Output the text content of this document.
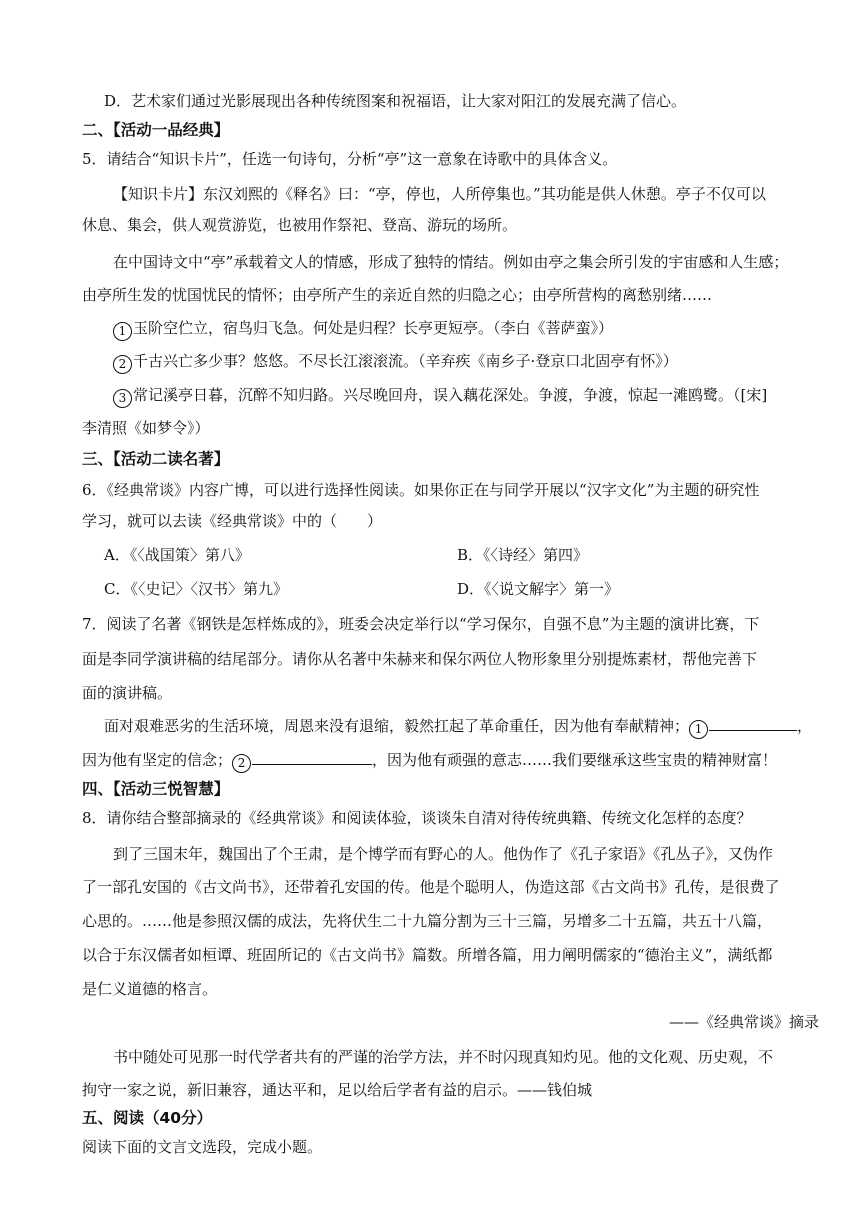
D．艺术家们通过光影展现出各种传统图案和祝福语，让大家对阳江的发展充满了信心。
二、【活动一品经典】
5．请结合“知识卡片”，任选一句诗句，分析“亭”这一意象在诗歌中的具体含义。
【知识卡片】东汉刘熙的《释名》曰：“亭，停也，人所停集也。”其功能是供人休憩。亭子不仅可以
休息、集会，供人观赏游览，也被用作祭祀、登高、游玩的场所。
在中国诗文中“亭”承载着文人的情感，形成了独特的情结。例如由亭之集会所引发的宇宙感和人生感；
由亭所生发的忧国忧民的情怀；由亭所产生的亲近自然的归隐之心；由亭所营构的离愁别绪……
1 玉阶空伫立，宿鸟归飞急。何处是归程？长亭更短亭。（李白《菩萨蛮》）
2 千古兴亡多少事？悠悠。不尽长江滚滚流。（辛弃疾《南乡子·登京口北固亭有怀》）
3 常记溪亭日暮，沉醉不知归路。兴尽晚回舟，误入藕花深处。争渡，争渡，惊起一滩鸥鹭。（[宋]
李清照《如梦令》）
三、【活动二读名著】
6．《经典常谈》内容广博，可以进行选择性阅读。如果你正在与同学开展以“汉字文化”为主题的研究性
学习，就可以去读《经典常谈》中的（　　）
A．《〈战国策〉第八》	B．《〈诗经〉第四》
C．《〈史记〉〈汉书〉第九》	D．《〈说文解字〉第一》
7．阅读了名著《钢铁是怎样炼成的》，班委会决定举行以“学习保尔，自强不息”为主题的演讲比赛，下
面是李同学演讲稿的结尾部分。请你从名著中朱赫来和保尔两位人物形象里分别提炼素材，帮他完善下
面的演讲稿。
面对艰难恶劣的生活环境，周恩来没有退缩，毅然扛起了革命重任，因为他有奉献精神； 1	，
因为他有坚定的信念； 2	，因为他有顽强的意志……我们要继承这些宝贵的精神财富！
四、【活动三悦智慧】
8．请你结合整部摘录的《经典常谈》和阅读体验，谈谈朱自清对待传统典籍、传统文化怎样的态度？
到了三国末年，魏国出了个王肃，是个博学而有野心的人。他伪作了《孔子家语》《孔丛子》，又伪作
了一部孔安国的《古文尚书》，还带着孔安国的传。他是个聪明人，伪造这部《古文尚书》孔传，是很费了
心思的。……他是参照汉儒的成法，先将伏生二十九篇分割为三十三篇，另增多二十五篇，共五十八篇，
以合于东汉儒者如桓谭、班固所记的《古文尚书》篇数。所增各篇，用力阐明儒家的“德治主义”，满纸都
是仁义道德的格言。
——《经典常谈》摘录
书中随处可见那一时代学者共有的严谨的治学方法，并不时闪现真知灼见。他的文化观、历史观，不
拘守一家之说，新旧兼容，通达平和，足以给后学者有益的启示。——钱伯城
五、阅读（40分）
阅读下面的文言文选段，完成小题。
